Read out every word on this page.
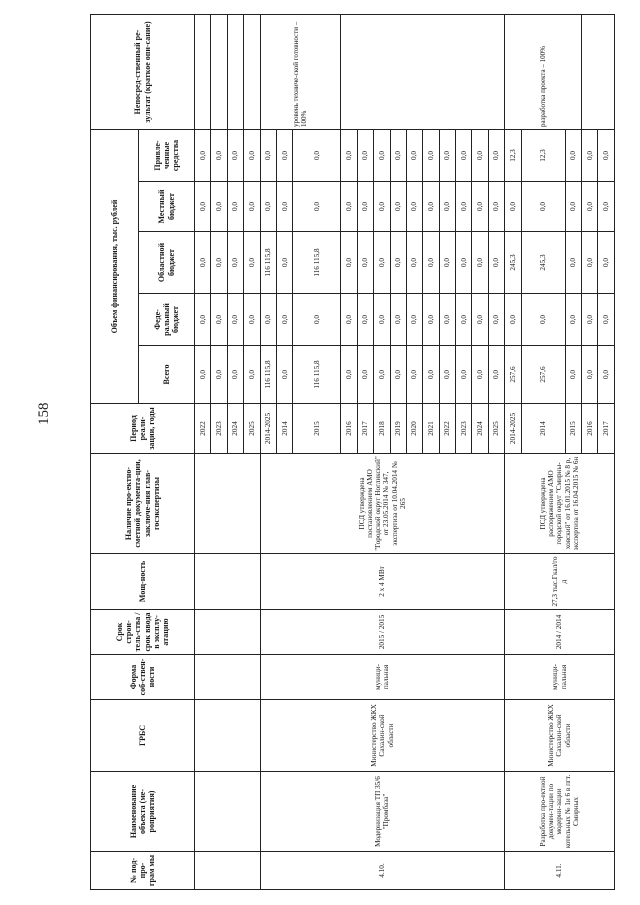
158
№ под-про-грам мы	Наименование объекта (ме-роприятия)	ГРБС	Форма соб-ствен-ности	Срок строи-тель-ства / срок ввода в эксплу-атацию	Мощ-ность	Наличие про-ектно-сметной документа-ции, заключе-ния глав-госэкспертизы	Период реали-зации, годы	Объем финансирования, тыс. рублей					Непосред-ственный ре-зультат (краткое опи-сание)
								Всего	Феде-ральный бюджет	Областной бюджет	Местный бюджет	Привле-ченные средства	
							2022	0,0	0,0	0,0	0,0	0,0	
							2023	0,0	0,0	0,0	0,0	0,0	
							2024	0,0	0,0	0,0	0,0	0,0	
							2025	0,0	0,0	0,0	0,0	0,0	
4.10.	Модернизация ТП 35/6 "Промбаза"	Министерство ЖКХ Сахалин-ской области	муници-пальная	2015 / 2015	2 х 4 МВт	ПСД утверждена постановлением АМО "Городской округ Ногликский" от 23.05.2014 № 347, экспертиза от 10.04.2014 № 265	2014-2025	116 115,8	0,0	116 115,8	0,0	0,0	уровень техниче-ской готовности – 100%
							2014	0,0	0,0	0,0	0,0	0,0	
							2015	116 115,8	0,0	116 115,8	0,0	0,0	
							2016	0,0	0,0	0,0	0,0	0,0	
							2017	0,0	0,0	0,0	0,0	0,0	
							2018	0,0	0,0	0,0	0,0	0,0	
							2019	0,0	0,0	0,0	0,0	0,0	
							2020	0,0	0,0	0,0	0,0	0,0	
							2021	0,0	0,0	0,0	0,0	0,0	
							2022	0,0	0,0	0,0	0,0	0,0	
							2023	0,0	0,0	0,0	0,0	0,0	
							2024	0,0	0,0	0,0	0,0	0,0	
							2025	0,0	0,0	0,0	0,0	0,0	
4.11.	Разработка про-ектной докумен-тации по модерни-зации котельных № 1и 6 в пгт. Смирных	Министерство ЖКХ Сахалин-ской области	муници-пальная	2014 / 2014	27,3 тыс.Гкал/го д	ПСД утверждена распоряжением АМО городской округ "Смирны-ховский" от 16.01.2015 № 8 р, экспертиза от 16.04.2015 № 6н	2014-2025	257,6	0,0	245,3	0,0	12,3	разработка проекта – 100%
							2014	257,6	0,0	245,3	0,0	12,3	
							2015	0,0	0,0	0,0	0,0	0,0	
							2016	0,0	0,0	0,0	0,0	0,0	
							2017	0,0	0,0	0,0	0,0	0,0	
